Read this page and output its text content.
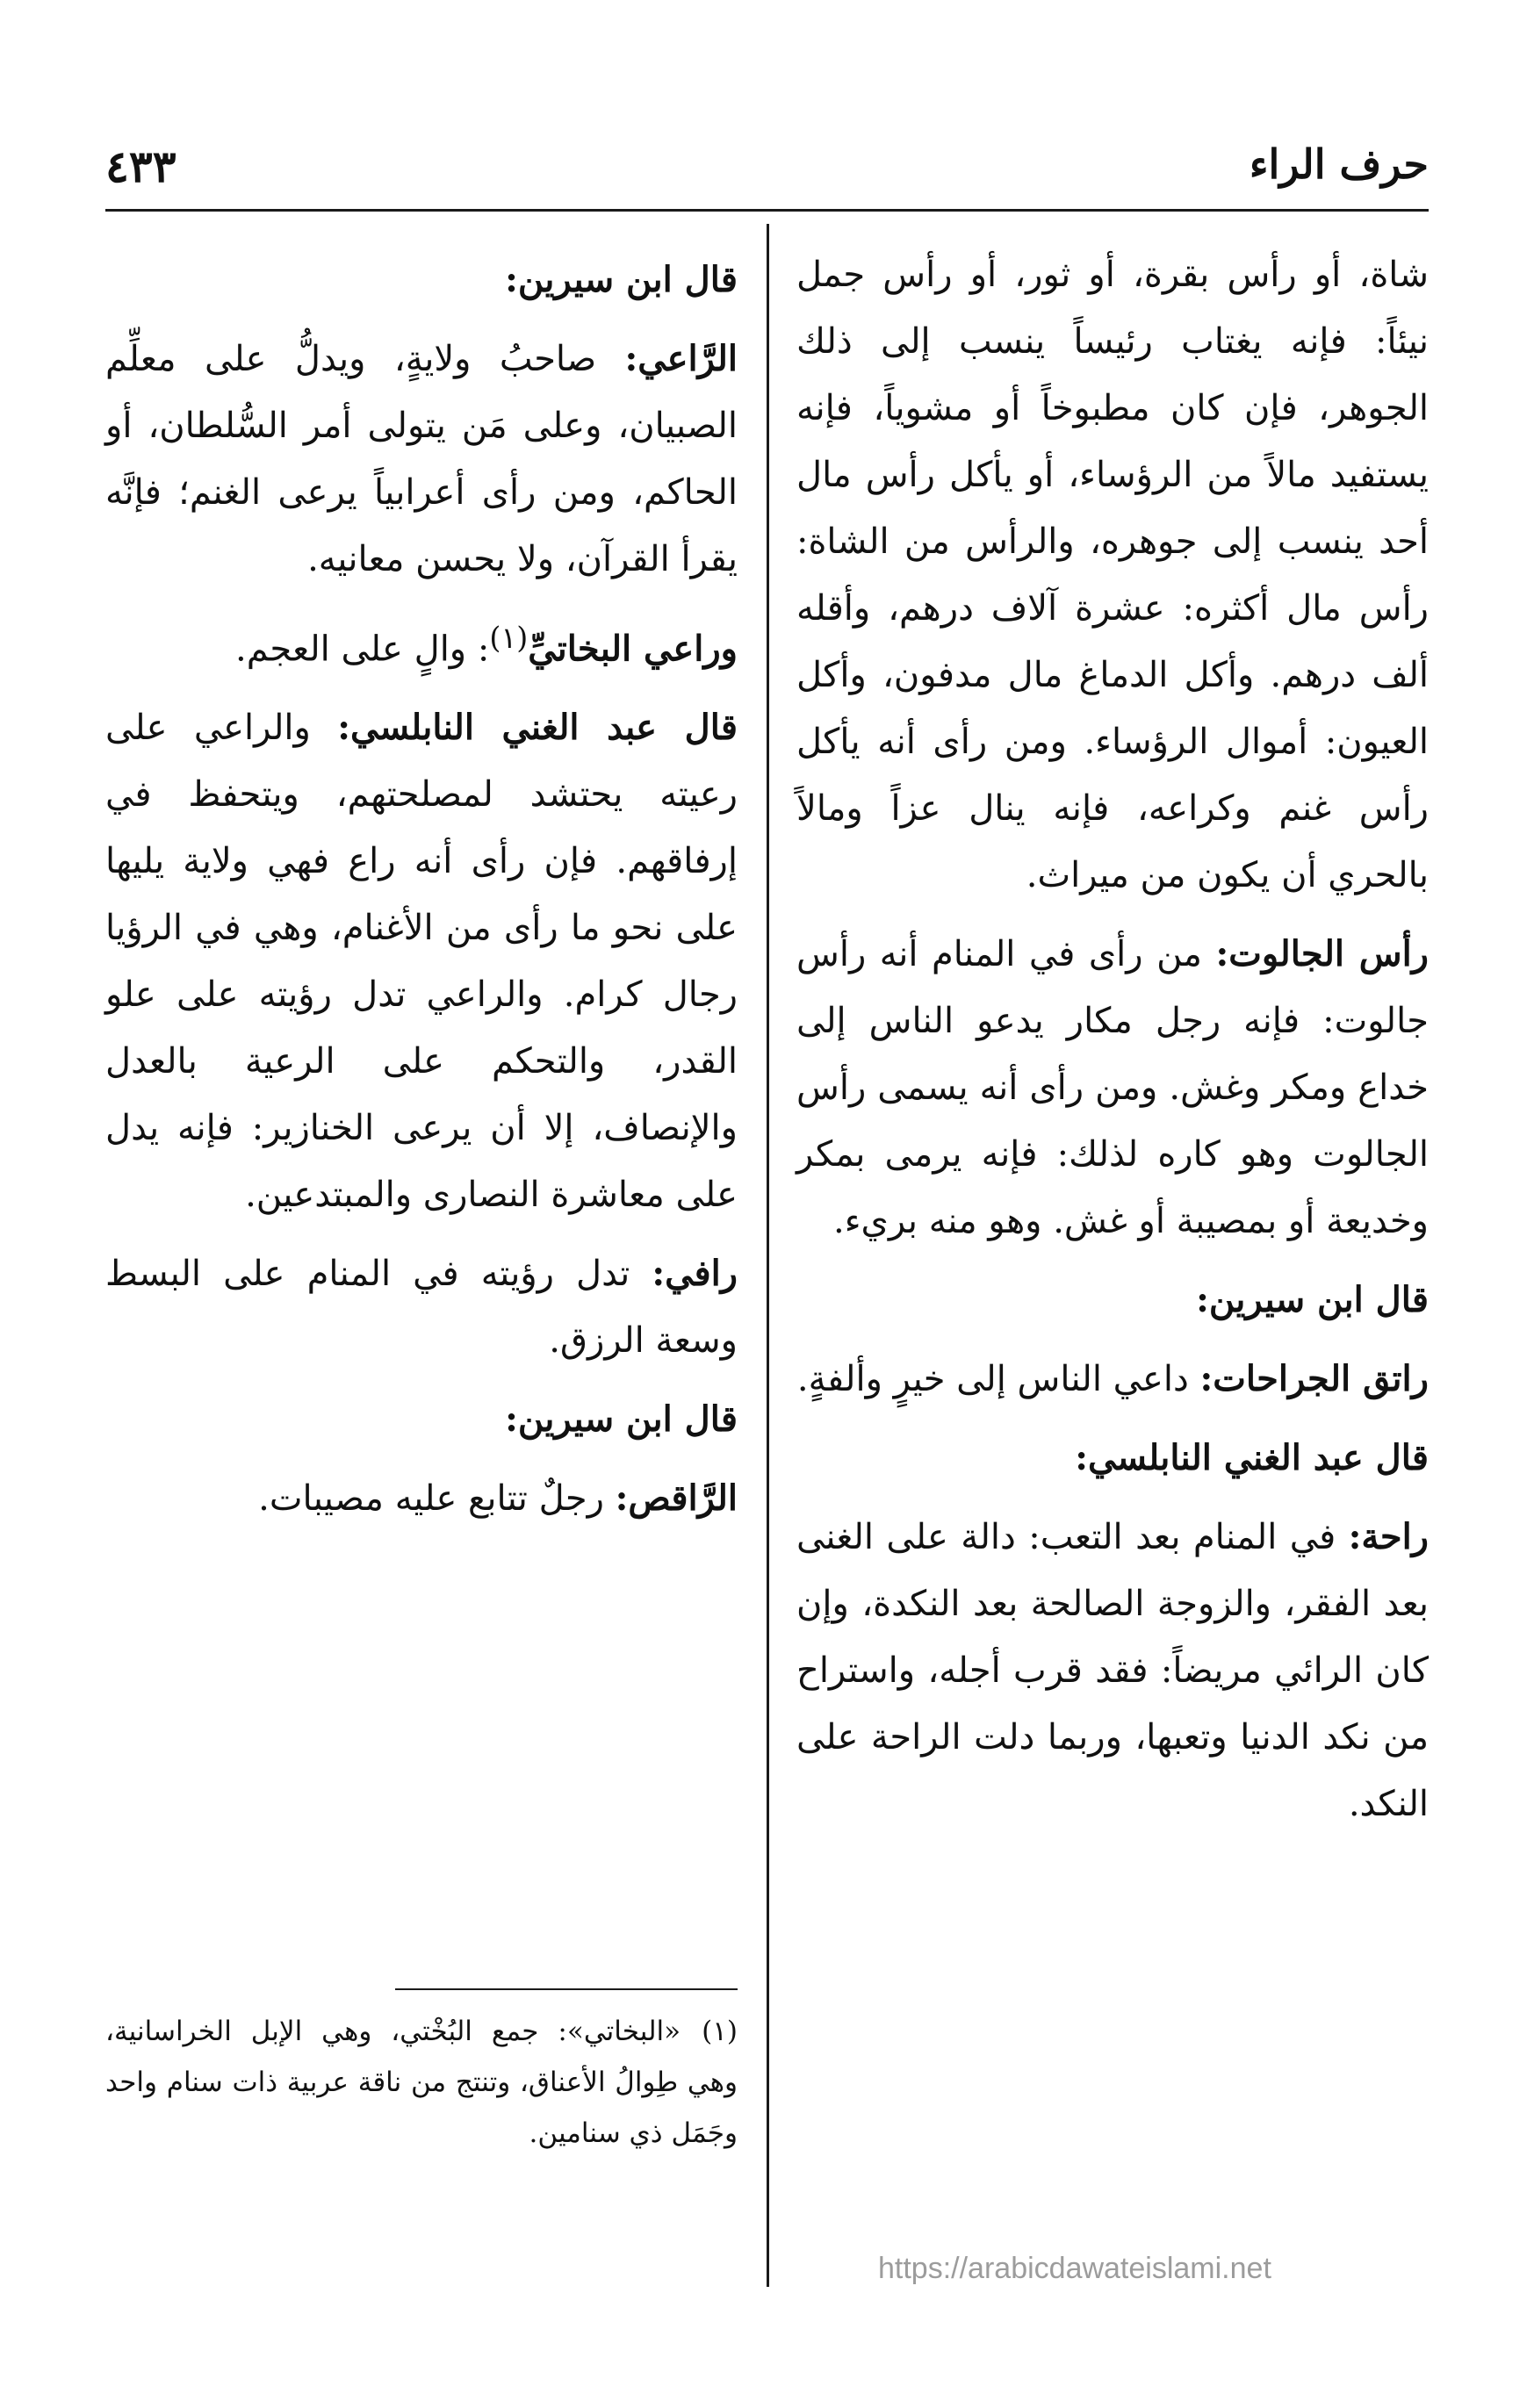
حرف الراء
٤٣٣

شاة، أو رأس بقرة، أو ثور، أو رأس جمل نيئاً: فإنه يغتاب رئيساً ينسب إلى ذلك الجوهر، فإن كان مطبوخاً أو مشوياً، فإنه يستفيد مالاً من الرؤساء، أو يأكل رأس مال أحد ينسب إلى جوهره، والرأس من الشاة: رأس مال أكثره: عشرة آلاف درهم، وأقله ألف درهم. وأكل الدماغ مال مدفون، وأكل العيون: أموال الرؤساء. ومن رأى أنه يأكل رأس غنم وكراعه، فإنه ينال عزاً ومالاً بالحري أن يكون من ميراث.

رأس الجالوت: من رأى في المنام أنه رأس جالوت: فإنه رجل مكار يدعو الناس إلى خداع ومكر وغش. ومن رأى أنه يسمى رأس الجالوت وهو كاره لذلك: فإنه يرمى بمكر وخديعة أو بمصيبة أو غش. وهو منه بريء.

قال ابن سيرين:

راتق الجراحات: داعي الناس إلى خيرٍ وألفةٍ.

قال عبد الغني النابلسي:

راحة: في المنام بعد التعب: دالة على الغنى بعد الفقر، والزوجة الصالحة بعد النكدة، وإن كان الرائي مريضاً: فقد قرب أجله، واستراح من نكد الدنيا وتعبها، وربما دلت الراحة على النكد.

قال ابن سيرين:

الرَّاعي: صاحبُ ولايةٍ، ويدلُّ على معلِّم الصبيان، وعلى مَن يتولى أمر السُّلطان، أو الحاكم، ومن رأى أعرابياً يرعى الغنم؛ فإنَّه يقرأ القرآن، ولا يحسن معانيه.

وراعي البخاتيِّ$^{(١)}$: والٍ على العجم.

قال عبد الغني النابلسي: والراعي على رعيته يحتشد لمصلحتهم، ويتحفظ في إرفاقهم. فإن رأى أنه راع فهي ولاية يليها على نحو ما رأى من الأغنام، وهي في الرؤيا رجال كرام. والراعي تدل رؤيته على علو القدر، والتحكم على الرعية بالعدل والإنصاف، إلا أن يرعى الخنازير: فإنه يدل على معاشرة النصارى والمبتدعين.

رافي: تدل رؤيته في المنام على البسط وسعة الرزق.

قال ابن سيرين:

الرَّاقص: رجلٌ تتابع عليه مصيبات.

(١)«البخاتي»: جمع البُخْتي، وهي الإبل الخراسانية، وهي طِوالُ الأعناق، وتنتج من ناقة عربية ذات سنام واحد وجَمَل ذي سنامين.
https://arabicdawateislami.net
